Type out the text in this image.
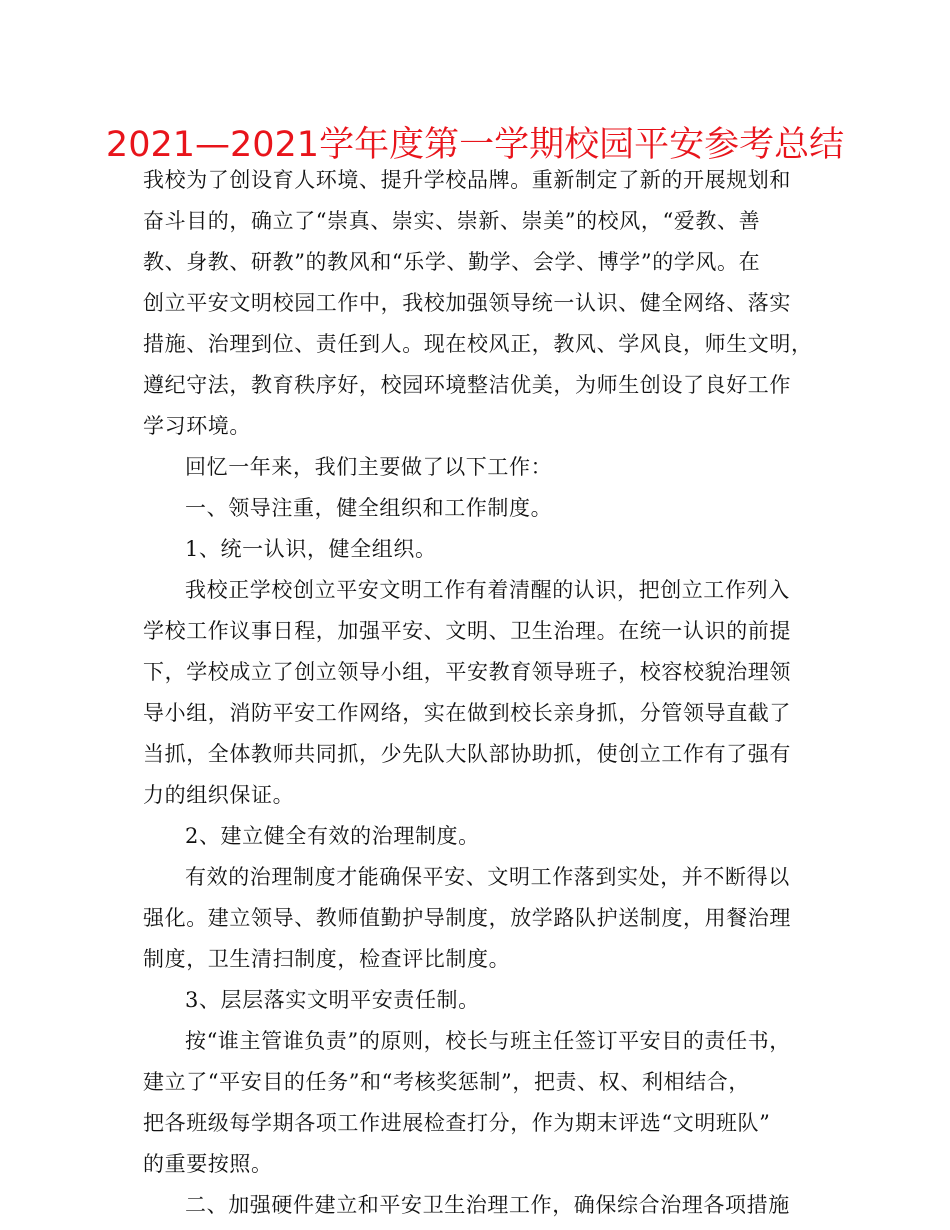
2021—2021学年度第一学期校园平安参考总结
我校为了创设育人环境、提升学校品牌。重新制定了新的开展规划和
奋斗目的，确立了“崇真、崇实、崇新、崇美”的校风，“爱教、善
教、身教、研教”的教风和“乐学、勤学、会学、博学”的学风。在
创立平安文明校园工作中，我校加强领导统一认识、健全网络、落实
措施、治理到位、责任到人。现在校风正，教风、学风良，师生文明，
遵纪守法，教育秩序好，校园环境整洁优美，为师生创设了良好工作
学习环境。
回忆一年来，我们主要做了以下工作：
一、领导注重，健全组织和工作制度。
1、统一认识，健全组织。
我校正学校创立平安文明工作有着清醒的认识，把创立工作列入
学校工作议事日程，加强平安、文明、卫生治理。在统一认识的前提
下，学校成立了创立领导小组，平安教育领导班子，校容校貌治理领
导小组，消防平安工作网络，实在做到校长亲身抓，分管领导直截了
当抓，全体教师共同抓，少先队大队部协助抓，使创立工作有了强有
力的组织保证。
2、建立健全有效的治理制度。
有效的治理制度才能确保平安、文明工作落到实处，并不断得以
强化。建立领导、教师值勤护导制度，放学路队护送制度，用餐治理
制度，卫生清扫制度，检查评比制度。
3、层层落实文明平安责任制。
按“谁主管谁负责”的原则，校长与班主任签订平安目的责任书，
建立了“平安目的任务”和“考核奖惩制”，把责、权、利相结合，
把各班级每学期各项工作进展检查打分，作为期末评选“文明班队”
的重要按照。
二、加强硬件建立和平安卫生治理工作，确保综合治理各项措施
